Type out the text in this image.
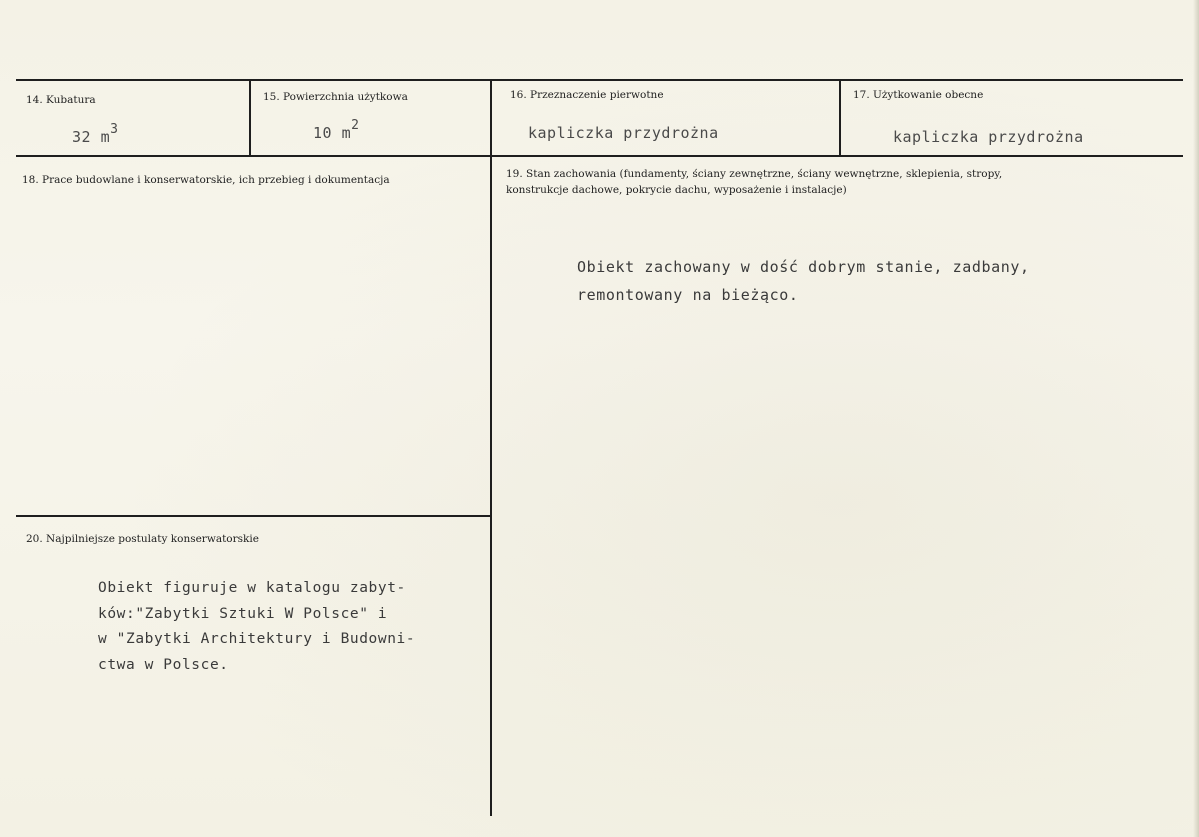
14. Kubatura
32 m3
15. Powierzchnia użytkowa
10 m2
16. Przeznaczenie pierwotne
kapliczka przydrożna
17. Użytkowanie obecne
kapliczka przydrożna
18. Prace budowlane i konserwatorskie, ich przebieg i dokumentacja	19. Stan zachowania (fundamenty, ściany zewnętrzne, ściany wewnętrzne, sklepienia, stropy,
konstrukcje dachowe, pokrycie dachu, wyposażenie i instalacje)
Obiekt zachowany w dość dobrym stanie, zadbany,
remontowany na bieżąco.
20. Najpilniejsze postulaty konserwatorskie
Obiekt figuruje w katalogu zabyt-
ków:"Zabytki Sztuki W Polsce" i
w "Zabytki Architektury i Budowni-
ctwa w Polsce.
